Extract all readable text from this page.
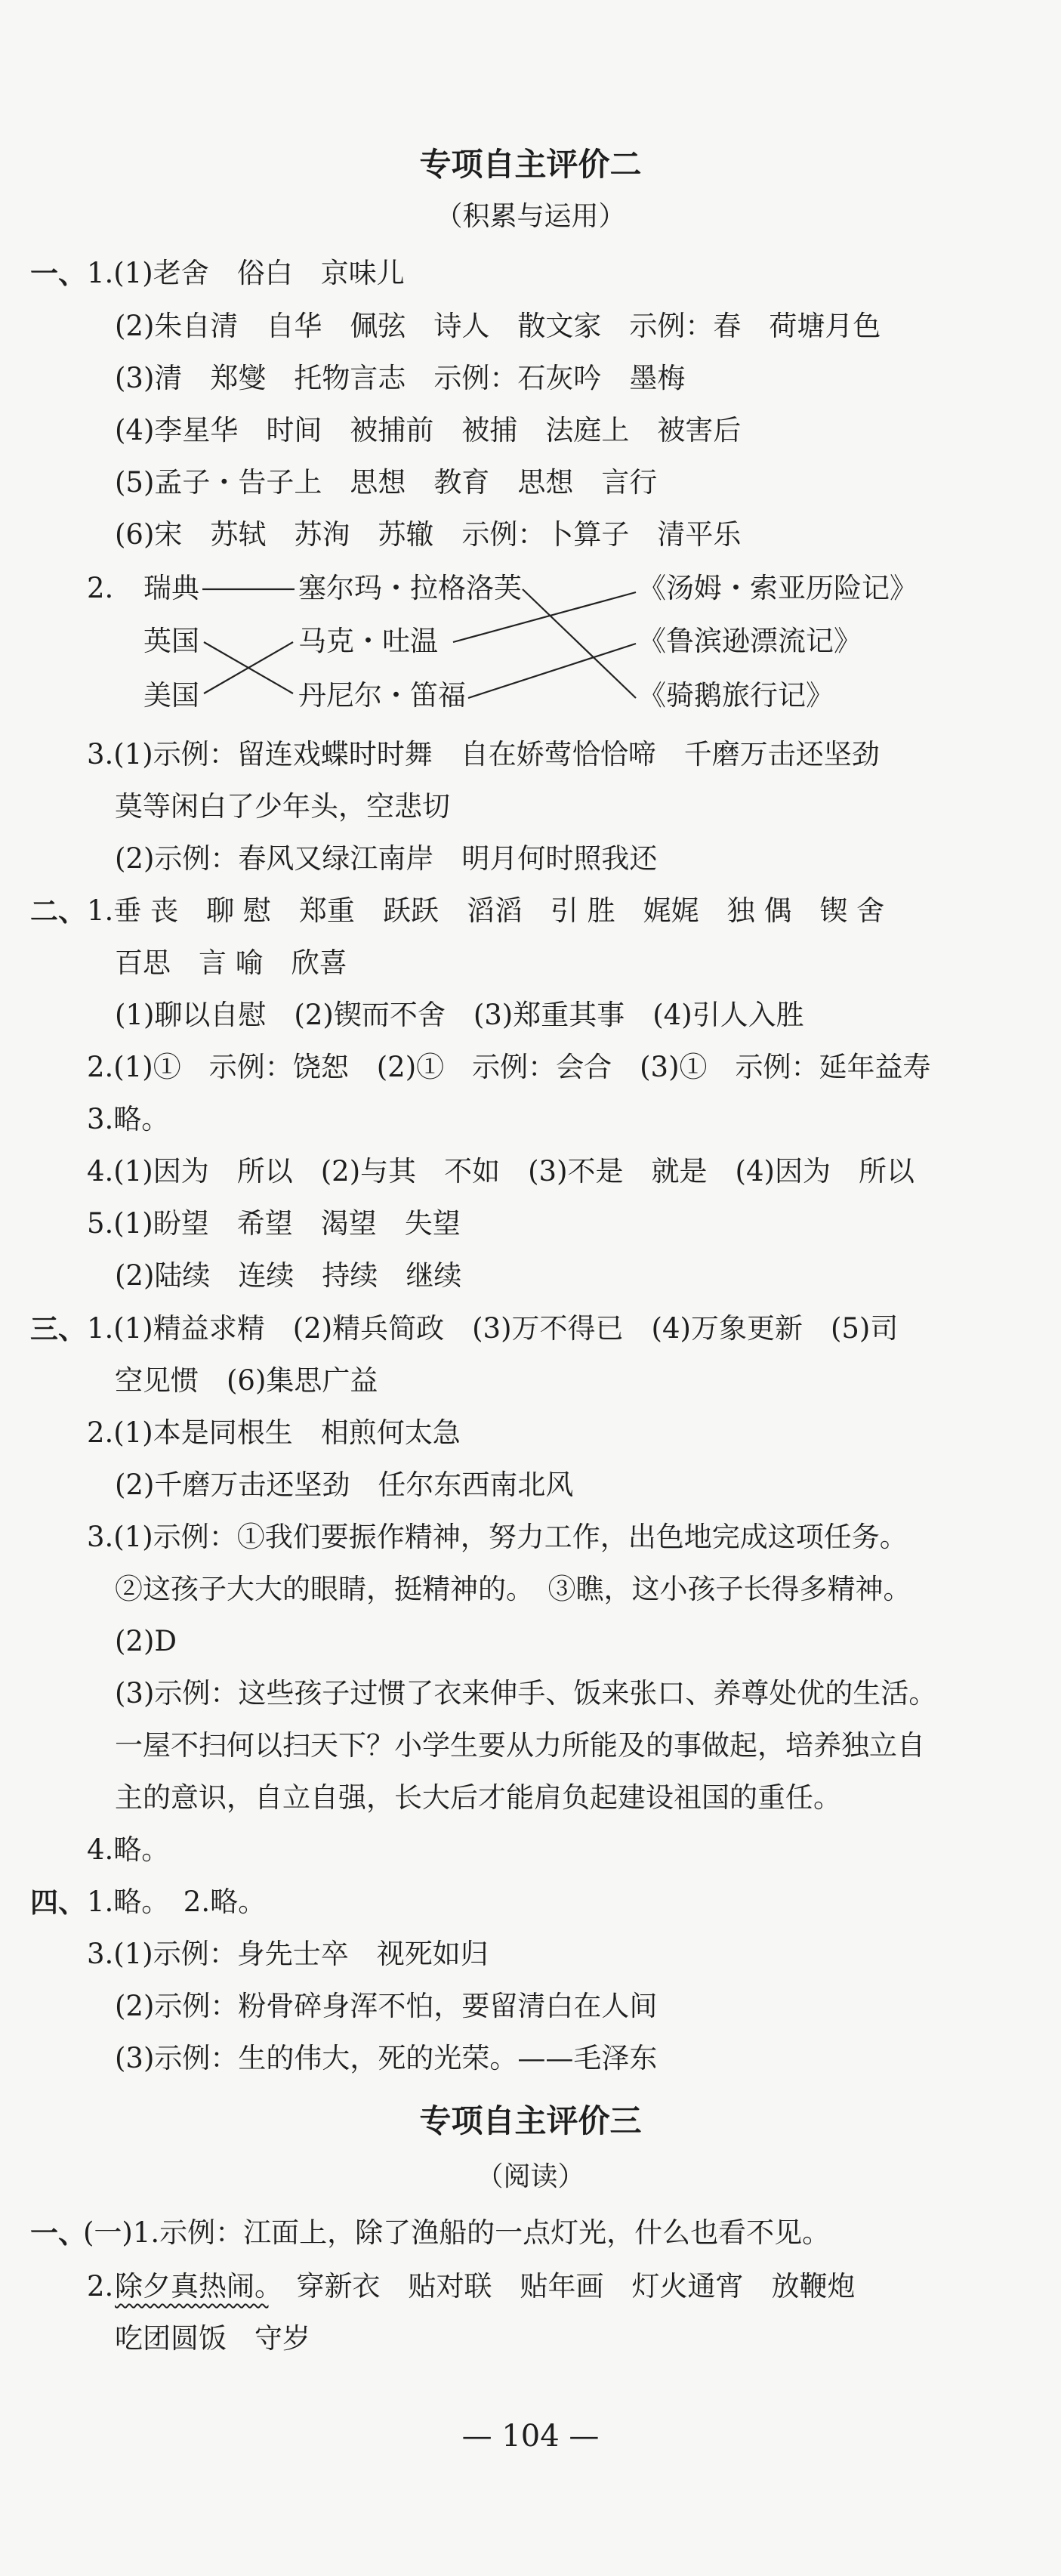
专项自主评价二
（积累与运用）
一、 1.(1)老舍　俗白　京味儿
(2)朱自清　自华　佩弦　诗人　散文家　示例：春　荷塘月色
(3)清　郑燮　托物言志　示例：石灰吟　墨梅
(4)李星华　时间　被捕前　被捕　法庭上　被害后
(5)孟子・告子上　思想　教育　思想　言行
(6)宋　苏轼　苏洵　苏辙　示例：卜算子　清平乐
2. 瑞典	塞尔玛・拉格洛芙	《汤姆・索亚历险记》
英国	马克・吐温	《鲁滨逊漂流记》
美国	丹尼尔・笛福	《骑鹅旅行记》
3.(1)示例：留连戏蝶时时舞　自在娇莺恰恰啼　千磨万击还坚劲
莫等闲白了少年头，空悲切
(2)示例：春风又绿江南岸　明月何时照我还
二、 1.垂 丧　聊 慰　郑重　跃跃　滔滔　引 胜　娓娓　独 偶　锲 舍
百思　言 喻　欣喜
(1)聊以自慰　(2)锲而不舍　(3)郑重其事　(4)引人入胜
2.(1)①　示例：饶恕　(2)①　示例：会合　(3)①　示例：延年益寿
3.略。
4.(1)因为　所以　(2)与其　不如　(3)不是　就是　(4)因为　所以
5.(1)盼望　希望　渴望　失望
(2)陆续　连续　持续　继续
三、 1.(1)精益求精　(2)精兵简政　(3)万不得已　(4)万象更新　(5)司
空见惯　(6)集思广益
2.(1)本是同根生　相煎何太急
(2)千磨万击还坚劲　任尔东西南北风
3.(1)示例：①我们要振作精神，努力工作，出色地完成这项任务。
②这孩子大大的眼睛，挺精神的。　③瞧，这小孩子长得多精神。
(2)D
(3)示例：这些孩子过惯了衣来伸手、饭来张口、养尊处优的生活。
一屋不扫何以扫天下？小学生要从力所能及的事做起，培养独立自
主的意识，自立自强，长大后才能肩负起建设祖国的重任。
4.略。
四、 1.略。　2.略。
3.(1)示例：身先士卒　视死如归
(2)示例：粉骨碎身浑不怕，要留清白在人间
(3)示例：生的伟大，死的光荣。——毛泽东
专项自主评价三
（阅读）
一、
(一)1.示例：江面上，除了渔船的一点灯光，什么也看不见。
2. 除夕真热闹。　穿新衣　贴对联　贴年画　灯火通宵　放鞭炮
吃团圆饭　守岁
— 104 —
